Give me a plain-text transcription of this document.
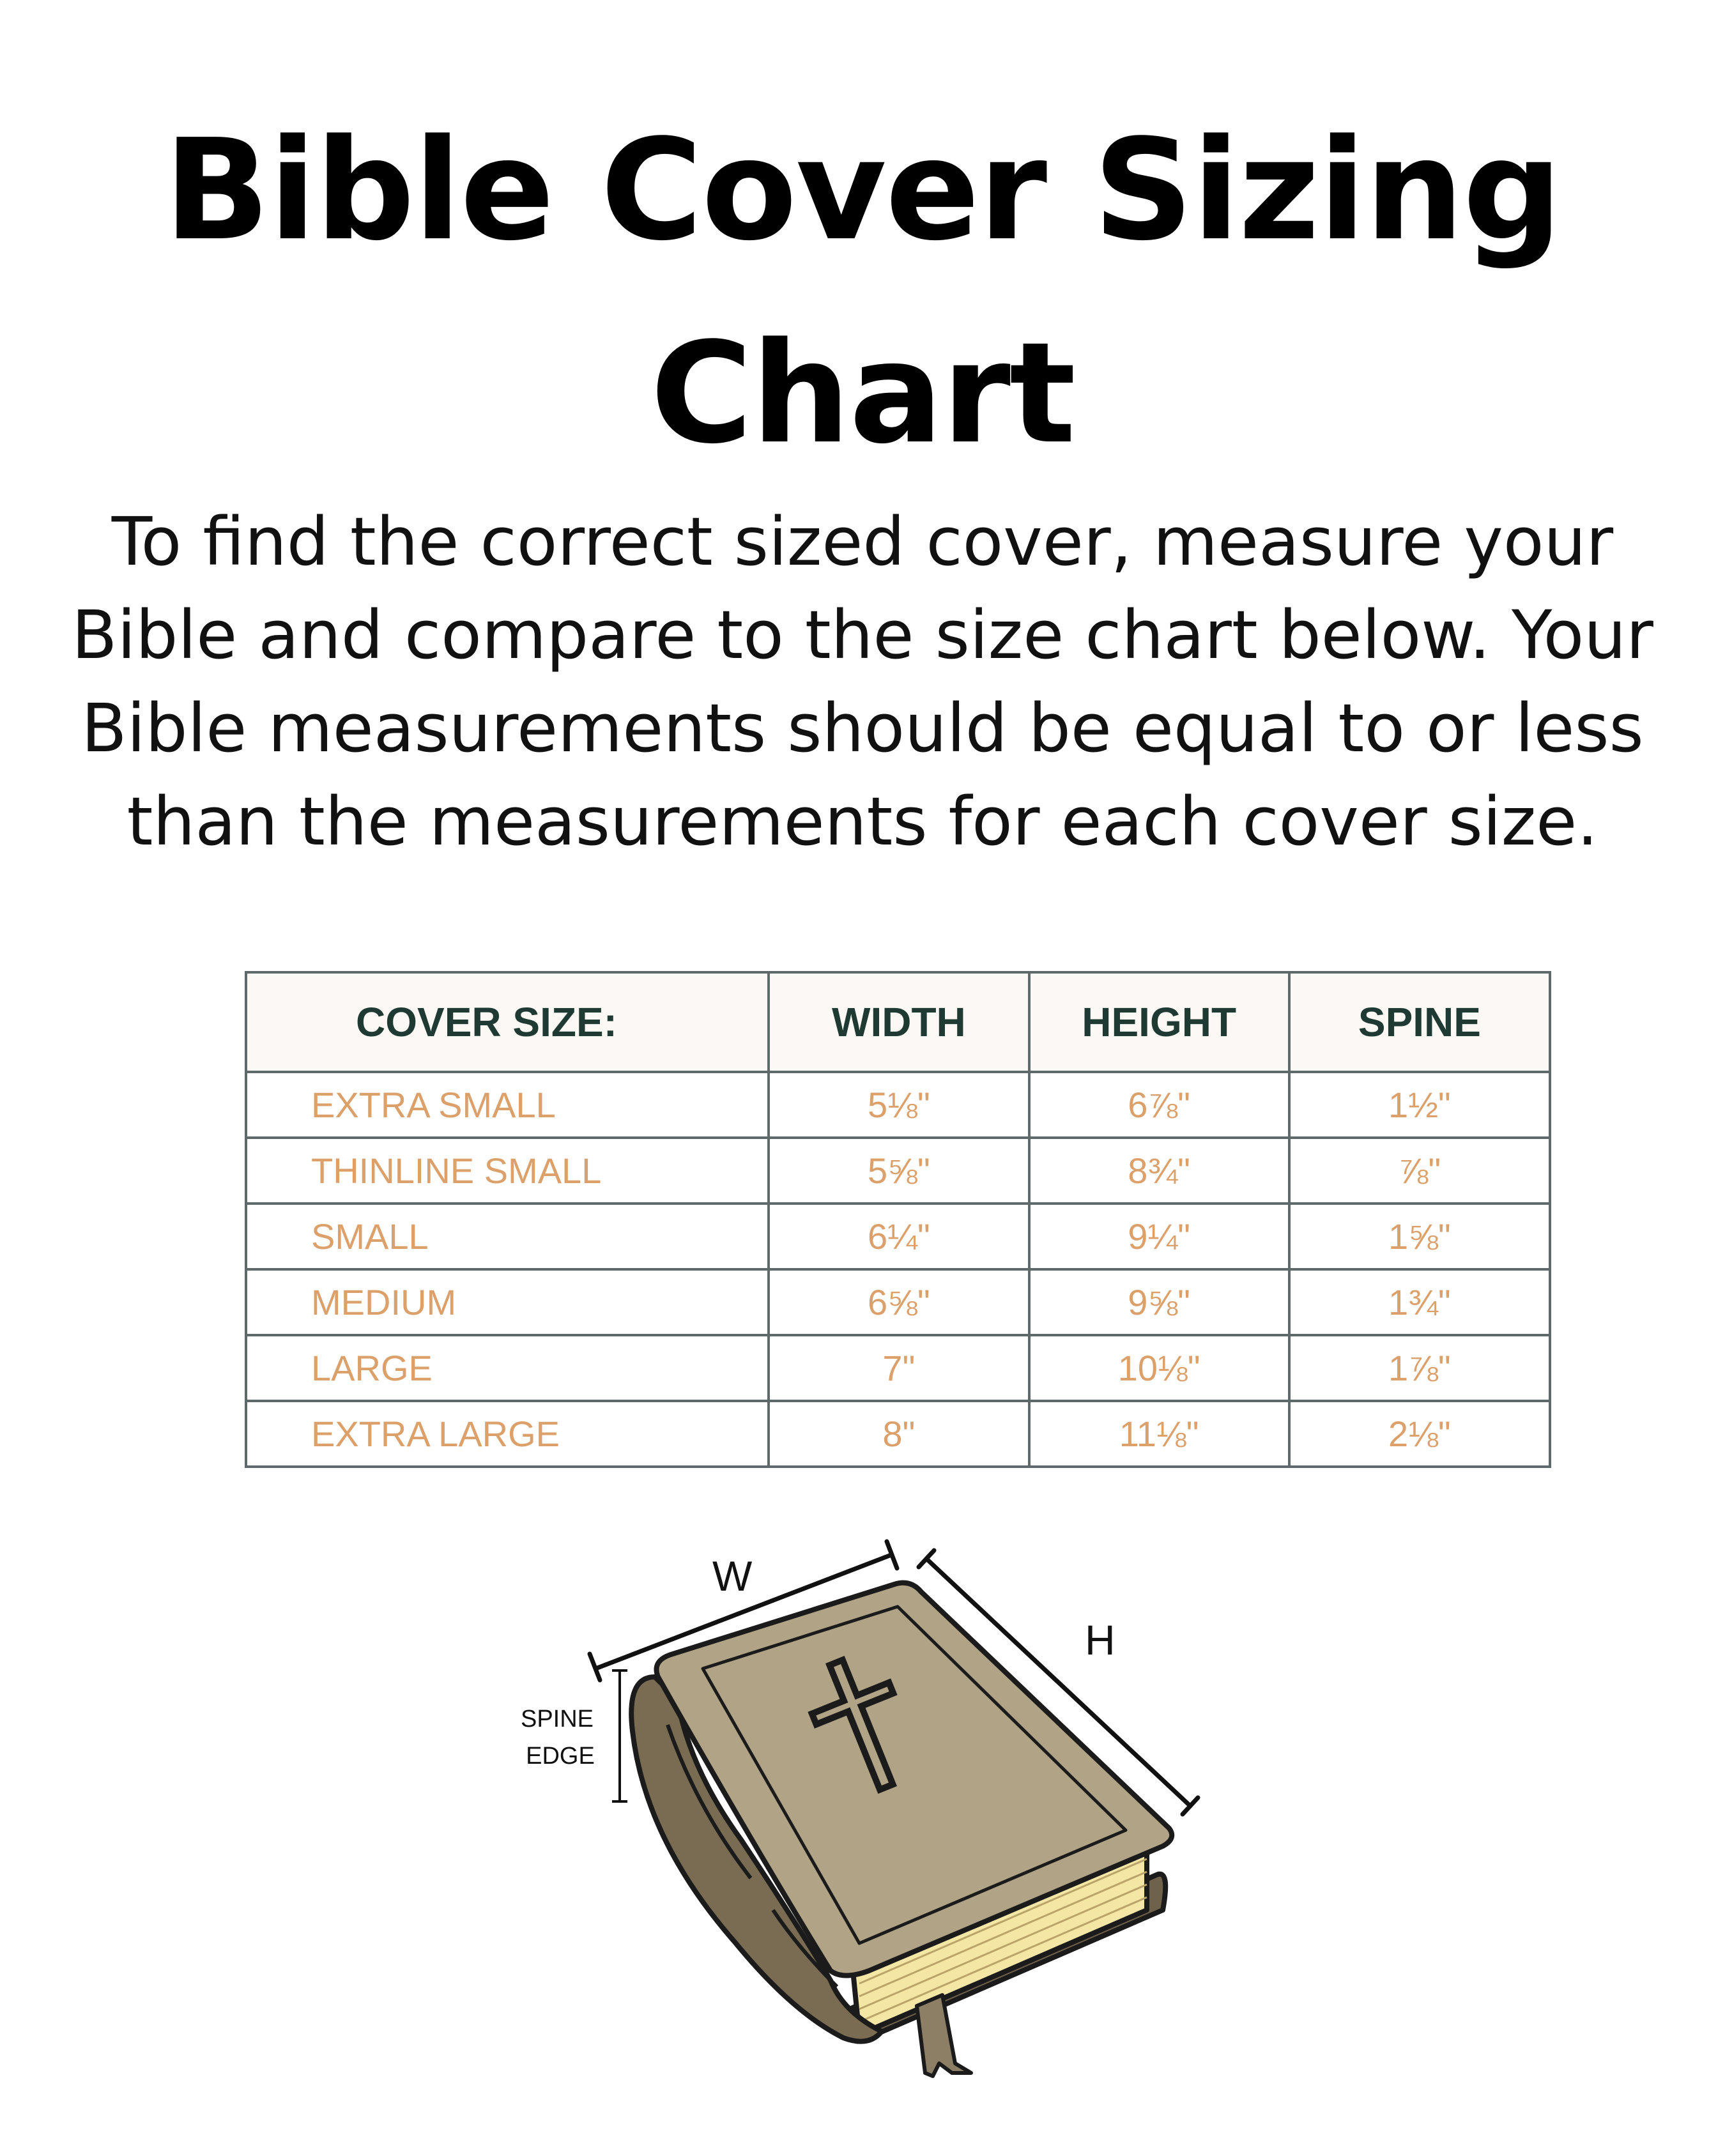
Bible Cover Sizing
Chart
To find the correct sized cover, measure your Bible and compare to the size chart below. Your Bible measurements should be equal to or less than the measurements for each cover size.
COVER SIZE:	WIDTH	HEIGHT	SPINE
EXTRA SMALL	5⅛"	6⅞"	1½"
THINLINE SMALL	5⅝"	8¾"	⅞"
SMALL	6¼"	9¼"	1⅝"
MEDIUM	6⅝"	9⅝"	1¾"
LARGE	7"	10⅛"	1⅞"
EXTRA LARGE	8"	11⅛"	2⅛"
W
H
SPINE
EDGE
